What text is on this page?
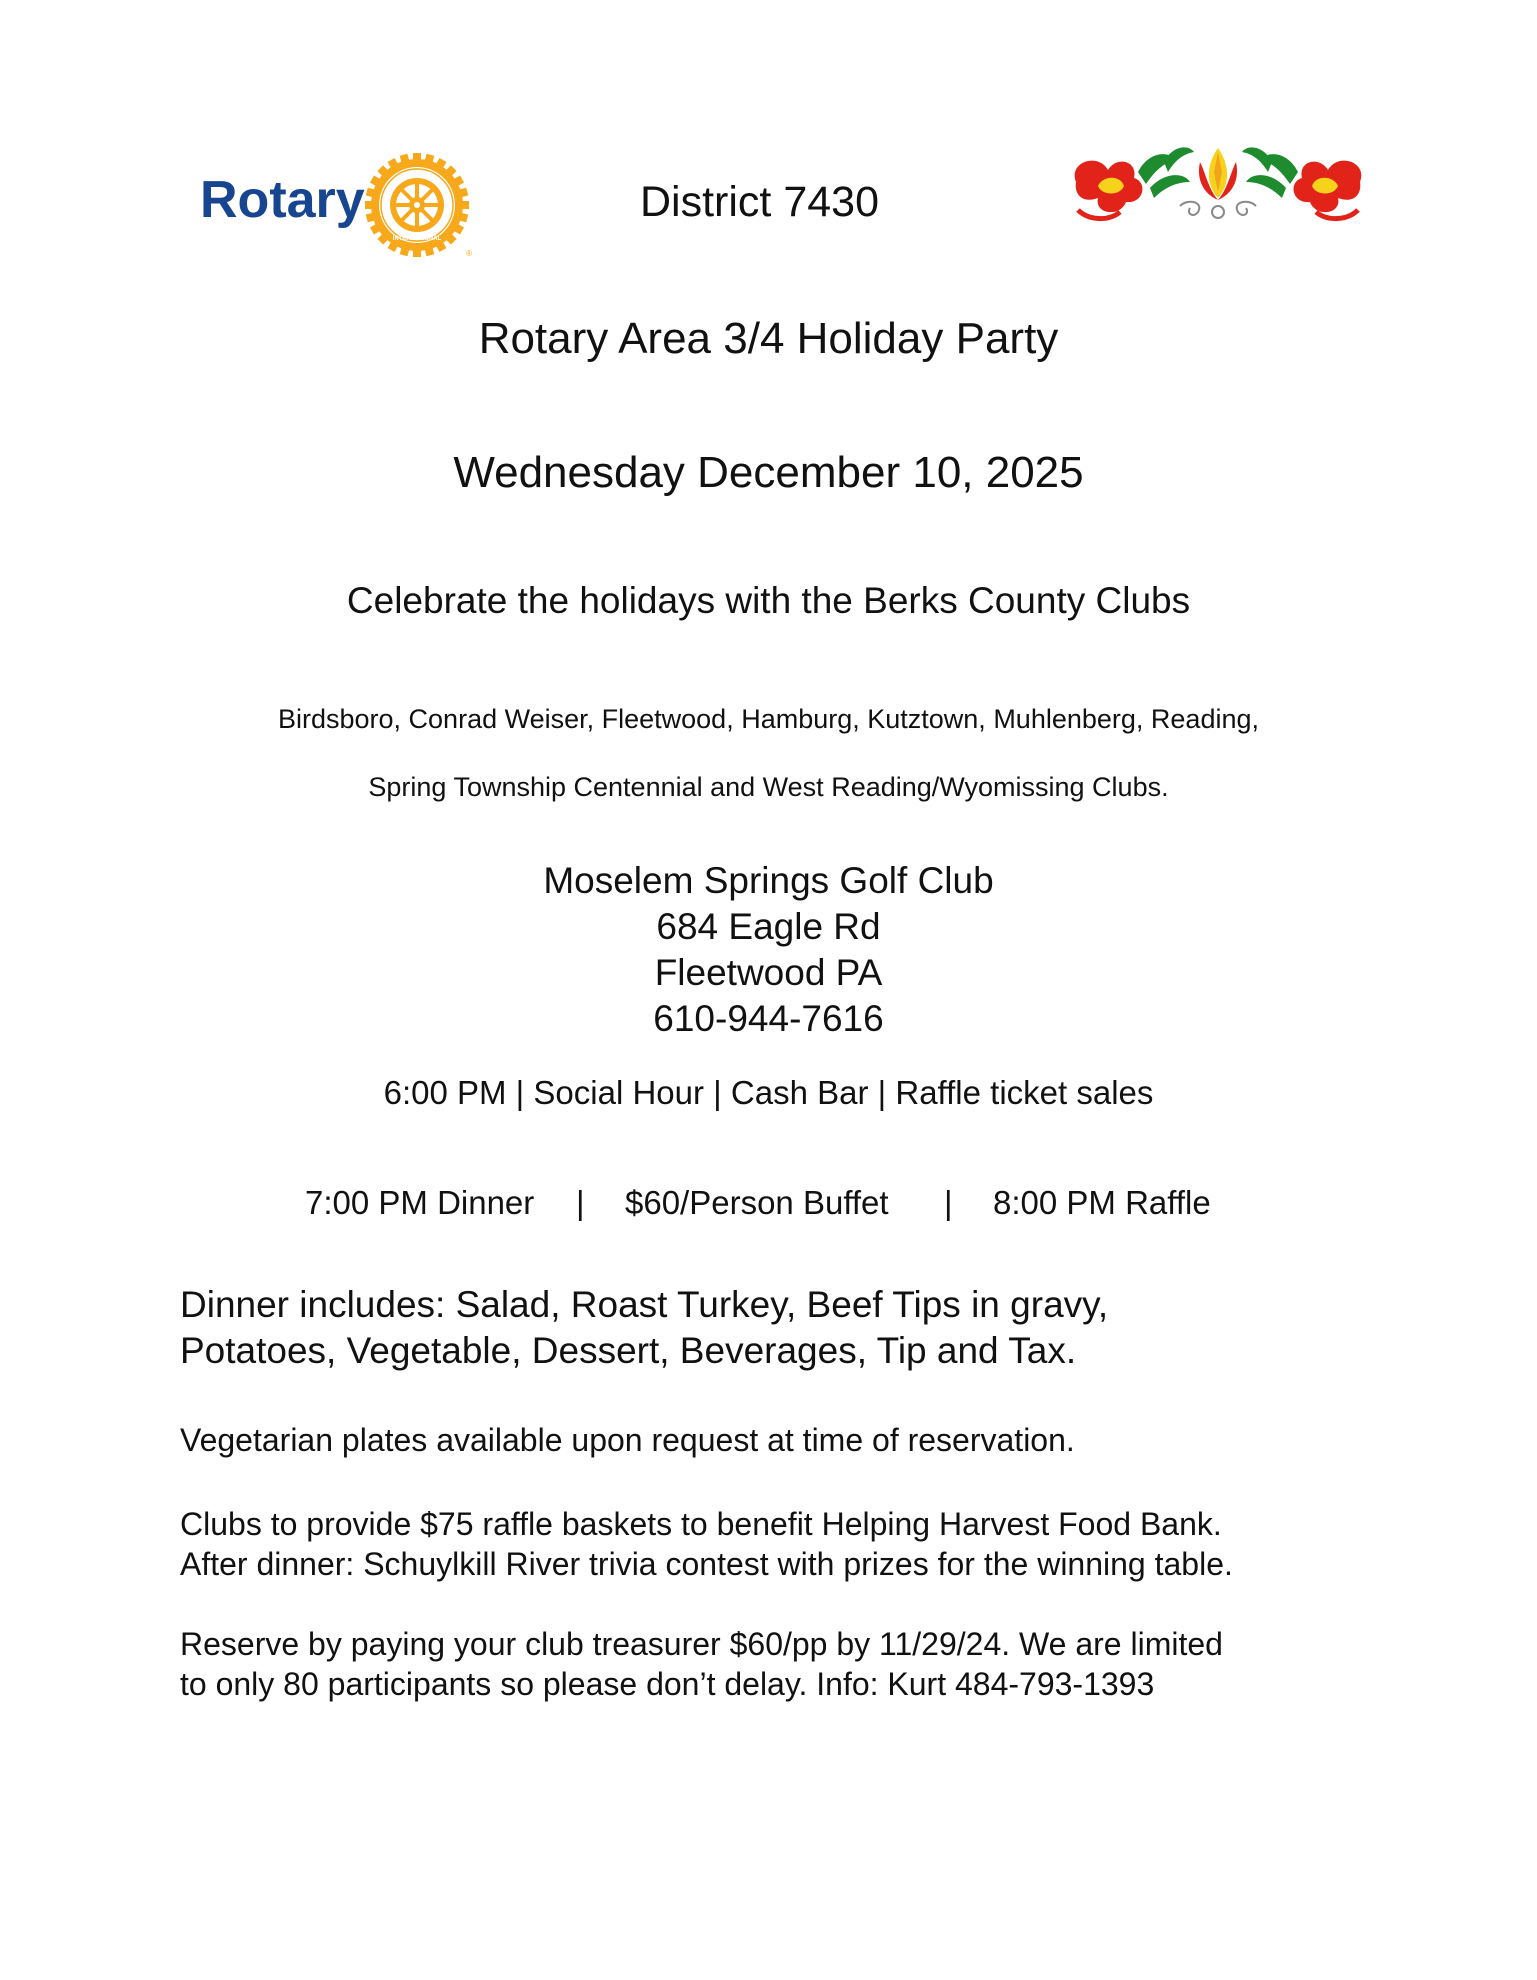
Rotary	ROTARY
INTERNATIONAL
®
District 7430
Rotary Area 3/4 Holiday Party
Wednesday December 10, 2025
Celebrate the holidays with the Berks County Clubs
Birdsboro, Conrad Weiser, Fleetwood, Hamburg, Kutztown, Muhlenberg, Reading,
Spring Township Centennial and West Reading/Wyomissing Clubs.
Moselem Springs Golf Club
684 Eagle Rd
Fleetwood PA
610-944-7616
6:00 PM | Social Hour | Cash Bar | Raffle ticket sales
7:00 PM Dinner | $60/Person Buffet | 8:00 PM Raffle
Dinner includes: Salad, Roast Turkey, Beef Tips in gravy,
Potatoes, Vegetable, Dessert, Beverages, Tip and Tax.
Vegetarian plates available upon request at time of reservation.
Clubs to provide $75 raffle baskets to benefit Helping Harvest Food Bank.
After dinner: Schuylkill River trivia contest with prizes for the winning table.
Reserve by paying your club treasurer $60/pp by 11/29/24. We are limited
to only 80 participants so please don’t delay. Info: Kurt 484-793-1393
